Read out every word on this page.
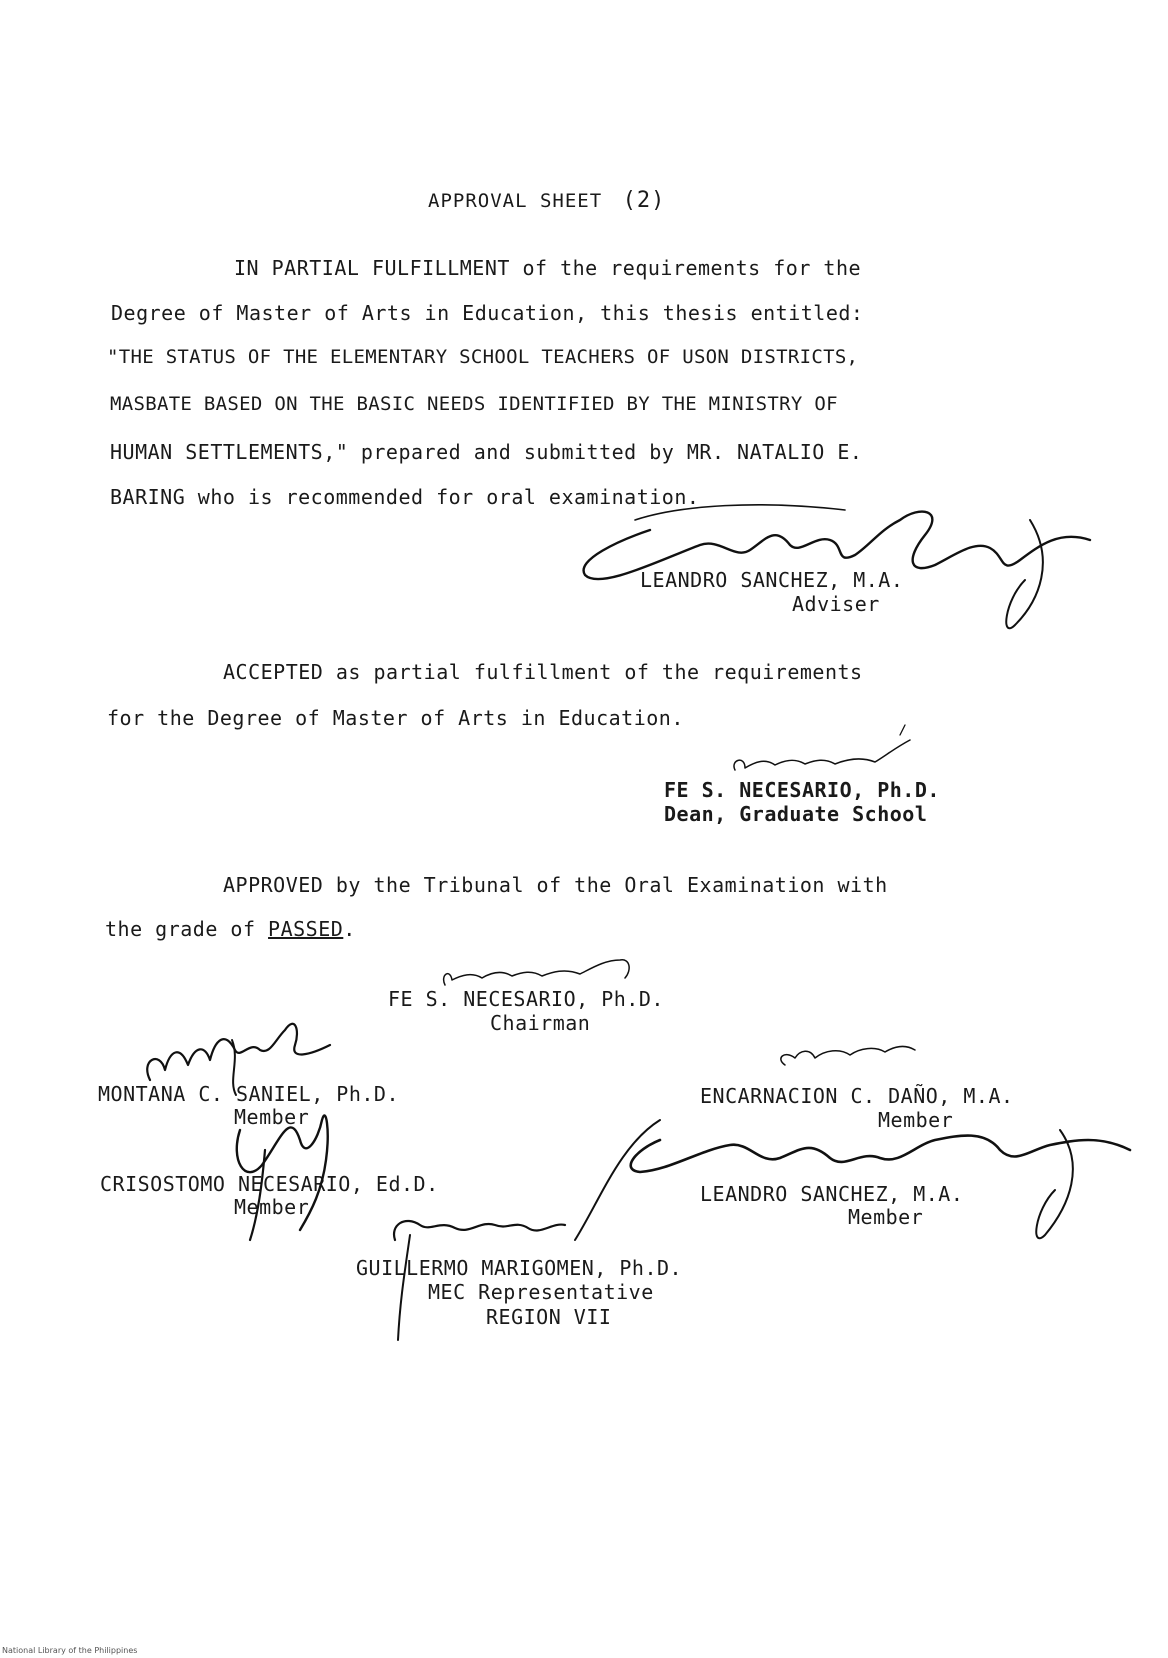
APPROVAL SHEET (2)
IN PARTIAL FULFILLMENT of the requirements for the
Degree of Master of Arts in Education, this thesis entitled:
"THE STATUS OF THE ELEMENTARY SCHOOL TEACHERS OF USON DISTRICTS,
MASBATE BASED ON THE BASIC NEEDS IDENTIFIED BY THE MINISTRY OF
HUMAN SETTLEMENTS," prepared and submitted by MR. NATALIO E.
BARING who is recommended for oral examination.
LEANDRO SANCHEZ, M.A.
Adviser
ACCEPTED as partial fulfillment of the requirements
for the Degree of Master of Arts in Education.
FE S. NECESARIO, Ph.D.
Dean, Graduate School
APPROVED by the Tribunal of the Oral Examination with
the grade of PASSED.
FE S. NECESARIO, Ph.D.
Chairman
MONTANA C. SANIEL, Ph.D.
Member
ENCARNACION C. DAÑO, M.A.
Member
CRISOSTOMO NECESARIO, Ed.D.
Member
LEANDRO SANCHEZ, M.A.
Member
GUILLERMO MARIGOMEN, Ph.D.
MEC Representative
REGION VII
National Library of the Philippines
